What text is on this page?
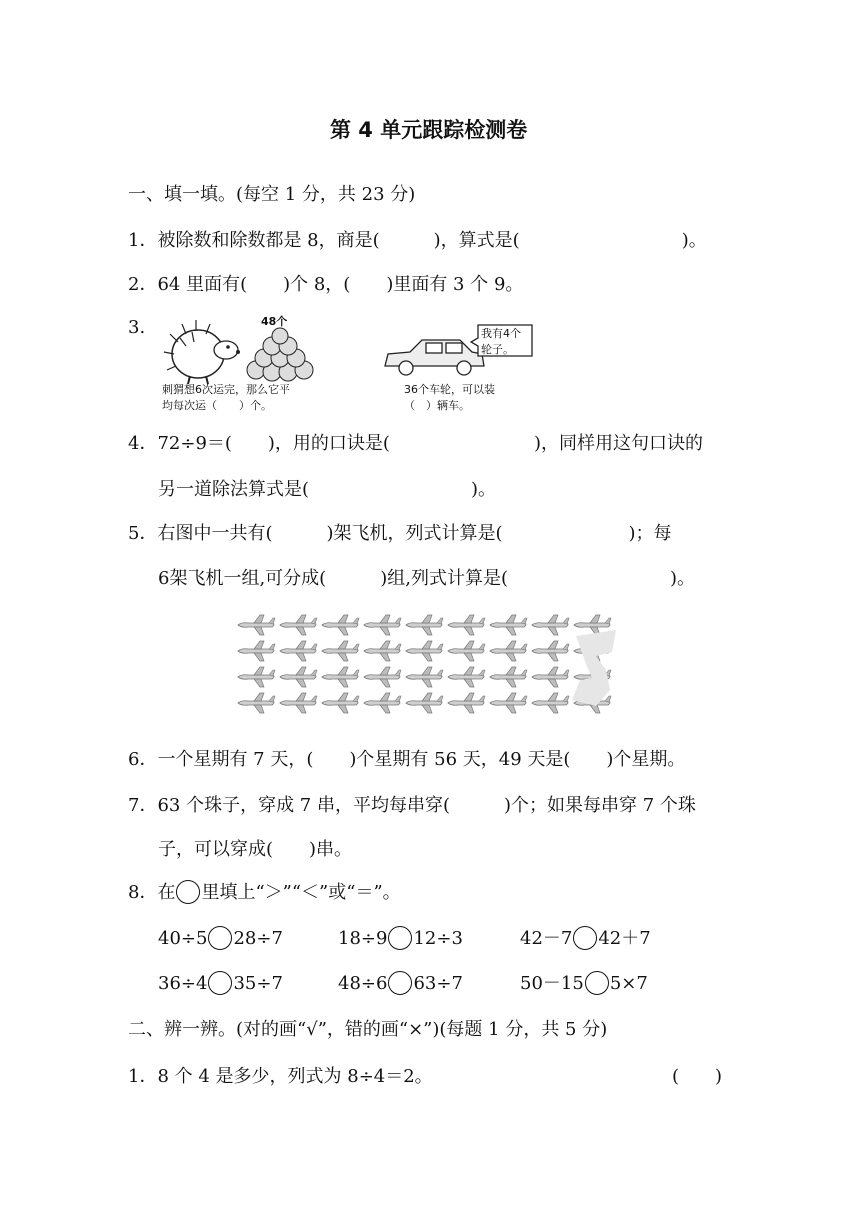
第 4 单元跟踪检测卷
一、填一填。(每空 1 分，共 23 分)
1．被除数和除数都是 8，商是(　　　)，算式是(　　　　　　　　　)。
2．64 里面有(　　)个 8，(　　)里面有 3 个 9。
3.	48个
刺猬想6次运完，那么它平
均每次运（　　）个。
我有4个
轮子。
36个车轮，可以装
（　）辆车。
4．72÷9＝(　　)，用的口诀是(　　　　　　　　)，同样用这句口诀的
另一道除法算式是(　　　　　　　　　)。
5．右图中一共有(　　　)架飞机，列式计算是(　　　　　　　)；每
6架飞机一组,可分成(　　　)组,列式计算是(　　　　　　　　　)。
6．一个星期有 7 天，(　　)个星期有 56 天，49 天是(　　)个星期。
7．63 个珠子，穿成 7 串，平均每串穿(　　　)个；如果每串穿 7 个珠
子，可以穿成(　　)串。
8．在 里填上“＞”“＜”或“＝”。
40÷5 28÷7	18÷9 12÷3	42－7 42＋7
36÷4 35÷7	48÷6 63÷7	50－15 5×7
二、辨一辨。(对的画“√”，错的画“×”)(每题 1 分，共 5 分)
1．8 个 4 是多少，列式为 8÷4＝2。	(　　)
